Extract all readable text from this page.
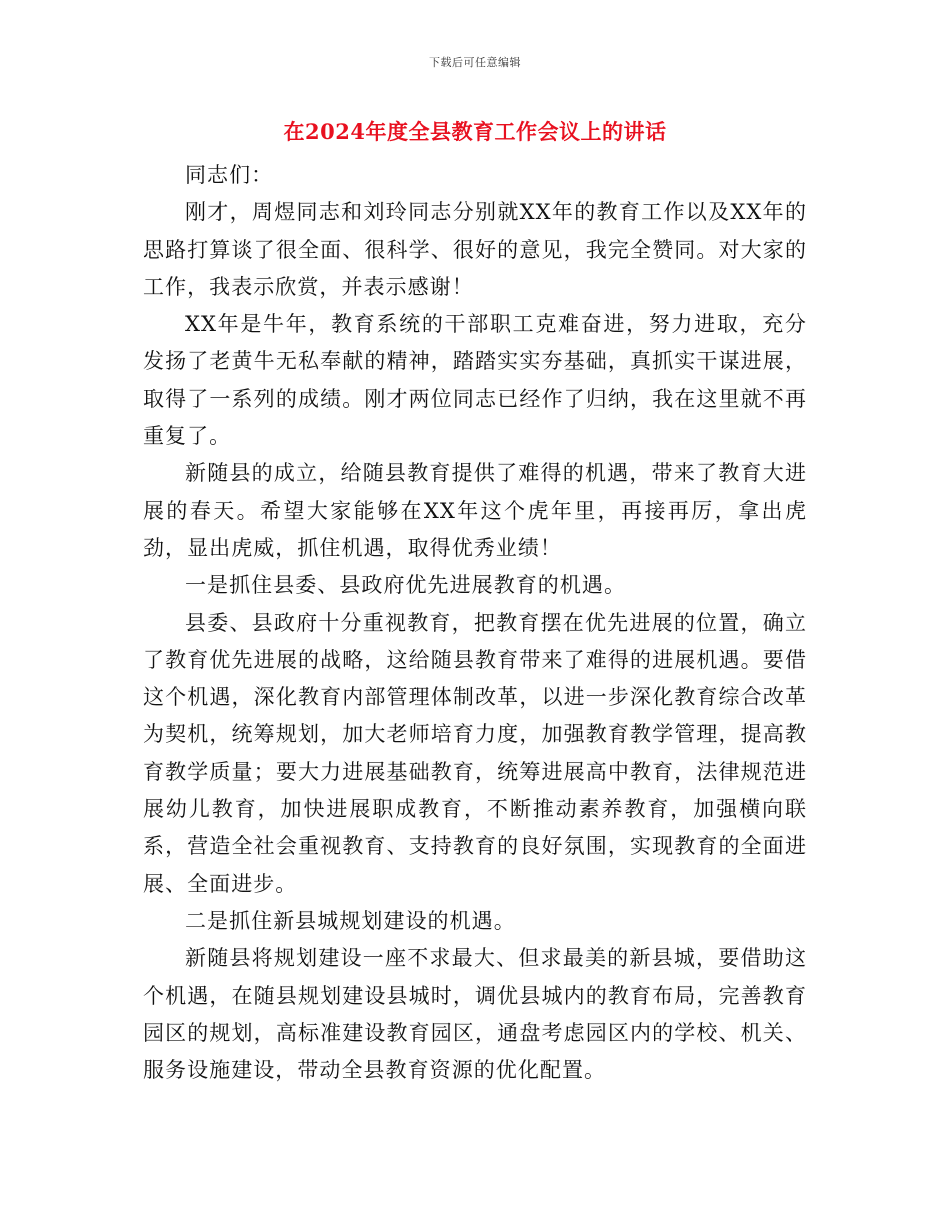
下载后可任意编辑
在2024年度全县教育工作会议上的讲话

同志们：

刚才，周煜同志和刘玲同志分别就XX年的教育工作以及XX年的思路打算谈了很全面、很科学、很好的意见，我完全赞同。对大家的工作，我表示欣赏，并表示感谢！

XX年是牛年，教育系统的干部职工克难奋进，努力进取，充分发扬了老黄牛无私奉献的精神，踏踏实实夯基础，真抓实干谋进展，取得了一系列的成绩。刚才两位同志已经作了归纳，我在这里就不再重复了。

新随县的成立，给随县教育提供了难得的机遇，带来了教育大进展的春天。希望大家能够在XX年这个虎年里，再接再厉，拿出虎劲，显出虎威，抓住机遇，取得优秀业绩！

一是抓住县委、县政府优先进展教育的机遇。

县委、县政府十分重视教育，把教育摆在优先进展的位置，确立了教育优先进展的战略，这给随县教育带来了难得的进展机遇。要借这个机遇，深化教育内部管理体制改革，以进一步深化教育综合改革为契机，统筹规划，加大老师培育力度，加强教育教学管理，提高教育教学质量；要大力进展基础教育，统筹进展高中教育，法律规范进展幼儿教育，加快进展职成教育，不断推动素养教育，加强横向联系，营造全社会重视教育、支持教育的良好氛围，实现教育的全面进展、全面进步。

二是抓住新县城规划建设的机遇。

新随县将规划建设一座不求最大、但求最美的新县城，要借助这个机遇，在随县规划建设县城时，调优县城内的教育布局，完善教育园区的规划，高标准建设教育园区，通盘考虑园区内的学校、机关、服务设施建设，带动全县教育资源的优化配置。
